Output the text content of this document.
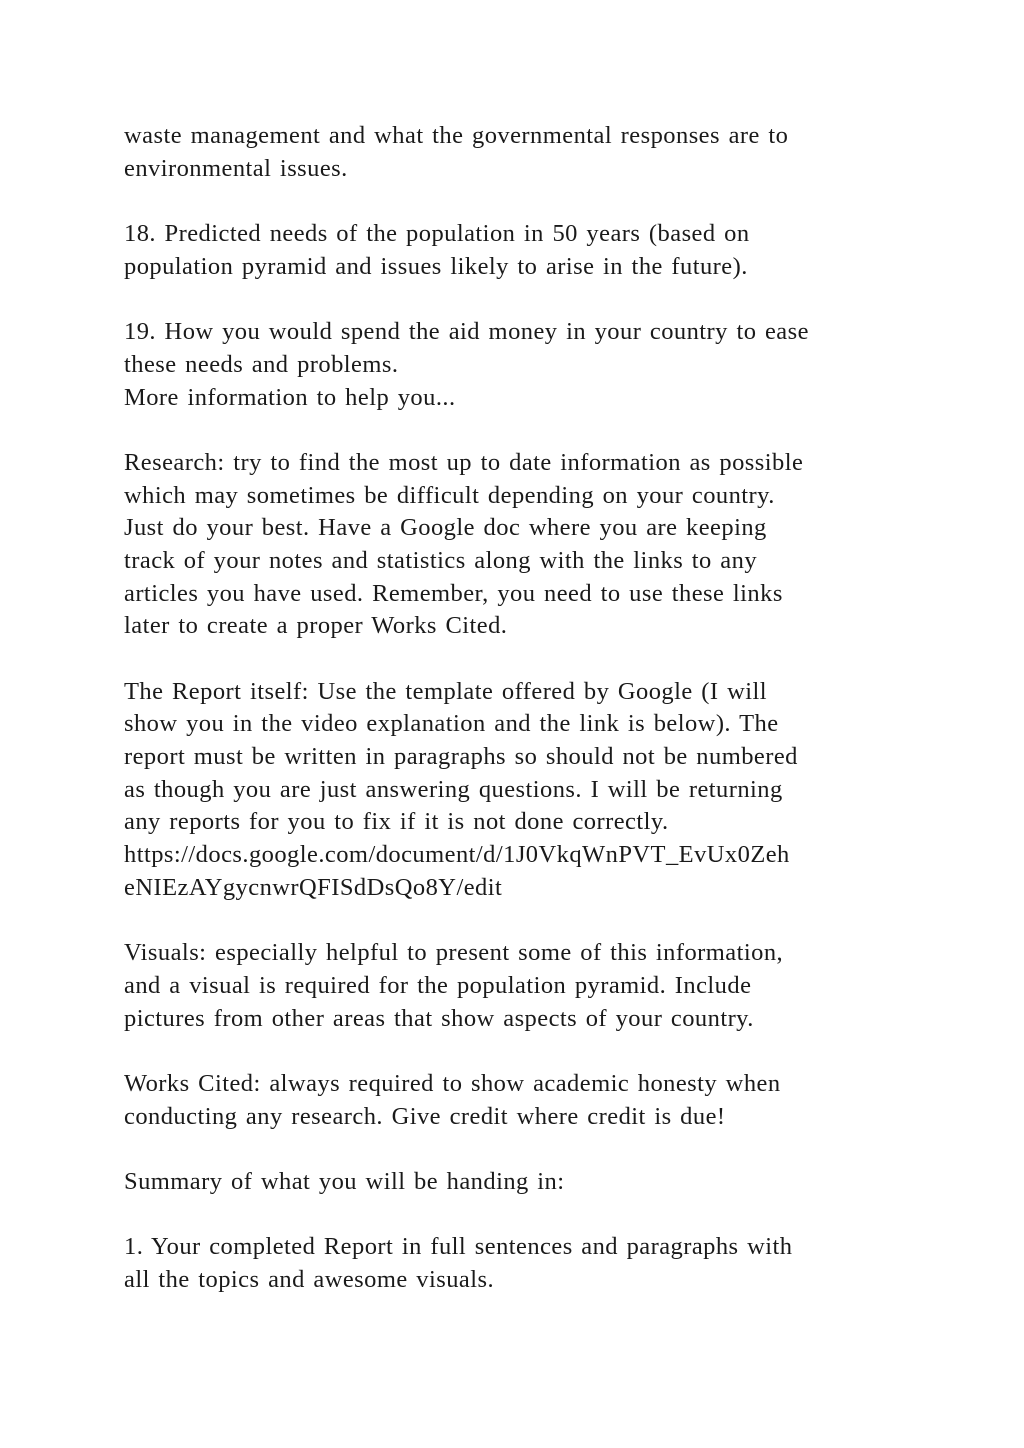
waste management and what the governmental responses are to
environmental issues.
18. Predicted needs of the population in 50 years (based on
population pyramid and issues likely to arise in the future).
19. How you would spend the aid money in your country to ease
these needs and problems.
More information to help you...
Research: try to find the most up to date information as possible
which may sometimes be difficult depending on your country.
Just do your best. Have a Google doc where you are keeping
track of your notes and statistics along with the links to any
articles you have used. Remember, you need to use these links
later to create a proper Works Cited.
The Report itself: Use the template offered by Google (I will
show you in the video explanation and the link is below). The
report must be written in paragraphs so should not be numbered
as though you are just answering questions. I will be returning
any reports for you to fix if it is not done correctly.
https://docs.google.com/document/d/1J0VkqWnPVT_EvUx0Zeh
eNIEzAYgycnwrQFISdDsQo8Y/edit
Visuals: especially helpful to present some of this information,
and a visual is required for the population pyramid. Include
pictures from other areas that show aspects of your country.
Works Cited: always required to show academic honesty when
conducting any research. Give credit where credit is due!
Summary of what you will be handing in:
1. Your completed Report in full sentences and paragraphs with
all the topics and awesome visuals.
